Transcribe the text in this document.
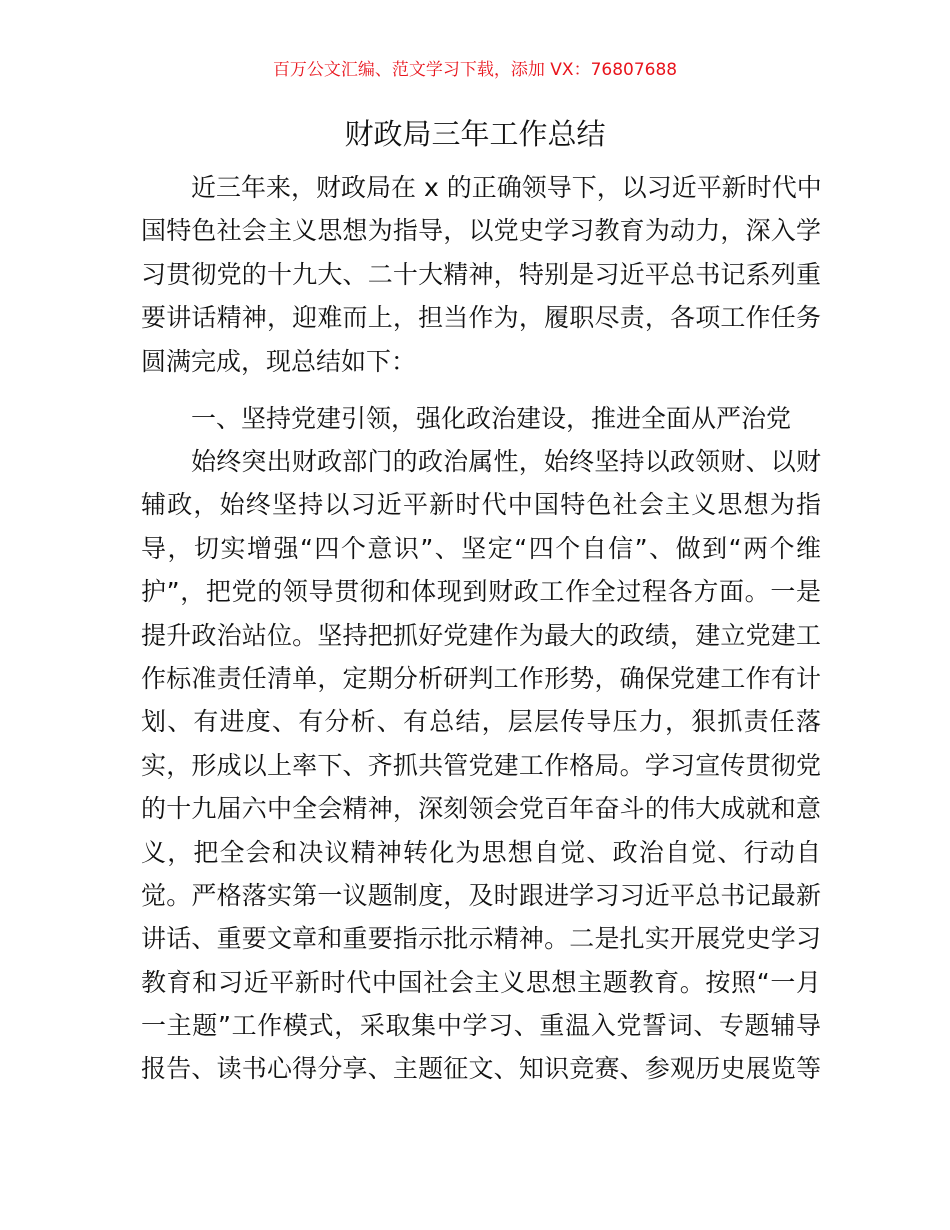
百万公文汇编、范文学习下载，添加 VX：76807688
财政局三年工作总结
近三年来，财政局在 x 的正确领导下，以习近平新时代中
国特色社会主义思想为指导，以党史学习教育为动力，深入学
习贯彻党的十九大、二十大精神，特别是习近平总书记系列重
要讲话精神，迎难而上，担当作为，履职尽责，各项工作任务
圆满完成，现总结如下：
一、坚持党建引领，强化政治建设，推进全面从严治党
始终突出财政部门的政治属性，始终坚持以政领财、以财
辅政，始终坚持以习近平新时代中国特色社会主义思想为指
导，切实增强“四个意识”、坚定“四个自信”、做到“两个维
护”，把党的领导贯彻和体现到财政工作全过程各方面。一是
提升政治站位。坚持把抓好党建作为最大的政绩，建立党建工
作标准责任清单，定期分析研判工作形势，确保党建工作有计
划、有进度、有分析、有总结，层层传导压力，狠抓责任落
实，形成以上率下、齐抓共管党建工作格局。学习宣传贯彻党
的十九届六中全会精神，深刻领会党百年奋斗的伟大成就和意
义，把全会和决议精神转化为思想自觉、政治自觉、行动自
觉。严格落实第一议题制度，及时跟进学习习近平总书记最新
讲话、重要文章和重要指示批示精神。二是扎实开展党史学习
教育和习近平新时代中国社会主义思想主题教育。按照“一月
一主题”工作模式，采取集中学习、重温入党誓词、专题辅导
报告、读书心得分享、主题征文、知识竞赛、参观历史展览等
